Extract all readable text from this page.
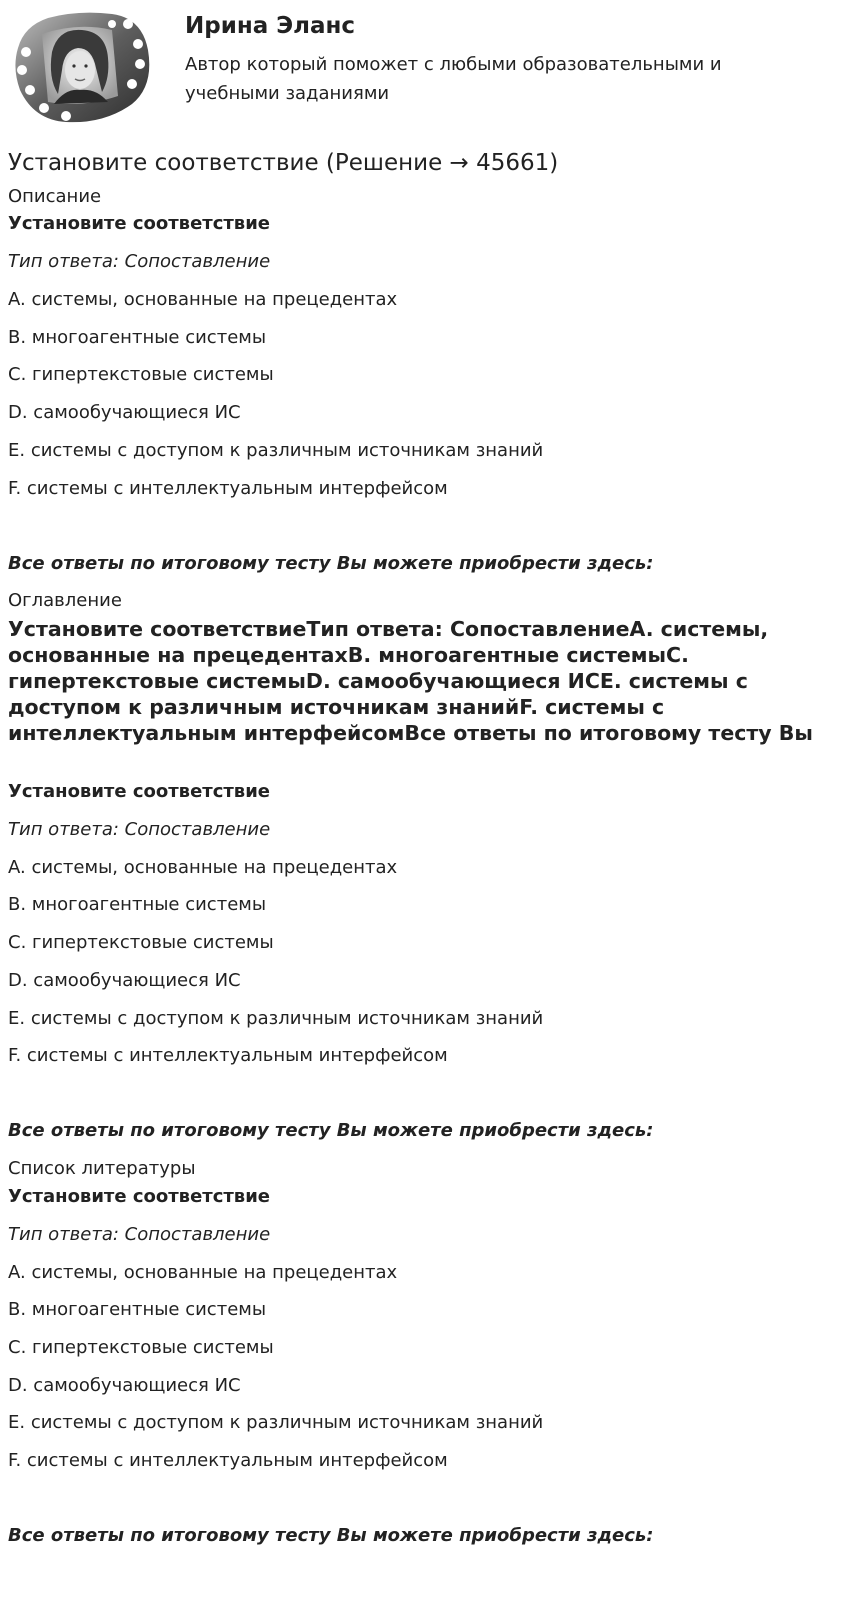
Ирина Эланс

Автор который поможет с любыми образовательными и учебными заданиями

Установите соответствие (Решение → 45661)

Описание

Установите соответствие

Тип ответа: Сопоставление

A. системы, основанные на прецедентах

B. многоагентные системы

C. гипертекстовые системы

D. самообучающиеся ИС

E. системы с доступом к различным источникам знаний

F. системы с интеллектуальным интерфейсом

Все ответы по итоговому тесту Вы можете приобрести здесь:

Оглавление

Установите соответствиеТип ответа: СопоставлениеA. системы, основанные на прецедентахB. многоагентные системыC. гипертекстовые системыD. самообучающиеся ИСE. системы с доступом к различным источникам знанийF. системы с интеллектуальным интерфейсомВсе ответы по итоговому тесту Вы

Установите соответствие

Тип ответа: Сопоставление

A. системы, основанные на прецедентах

B. многоагентные системы

C. гипертекстовые системы

D. самообучающиеся ИС

E. системы с доступом к различным источникам знаний

F. системы с интеллектуальным интерфейсом

Все ответы по итоговому тесту Вы можете приобрести здесь:

Список литературы

Установите соответствие

Тип ответа: Сопоставление

A. системы, основанные на прецедентах

B. многоагентные системы

C. гипертекстовые системы

D. самообучающиеся ИС

E. системы с доступом к различным источникам знаний

F. системы с интеллектуальным интерфейсом

Все ответы по итоговому тесту Вы можете приобрести здесь:
